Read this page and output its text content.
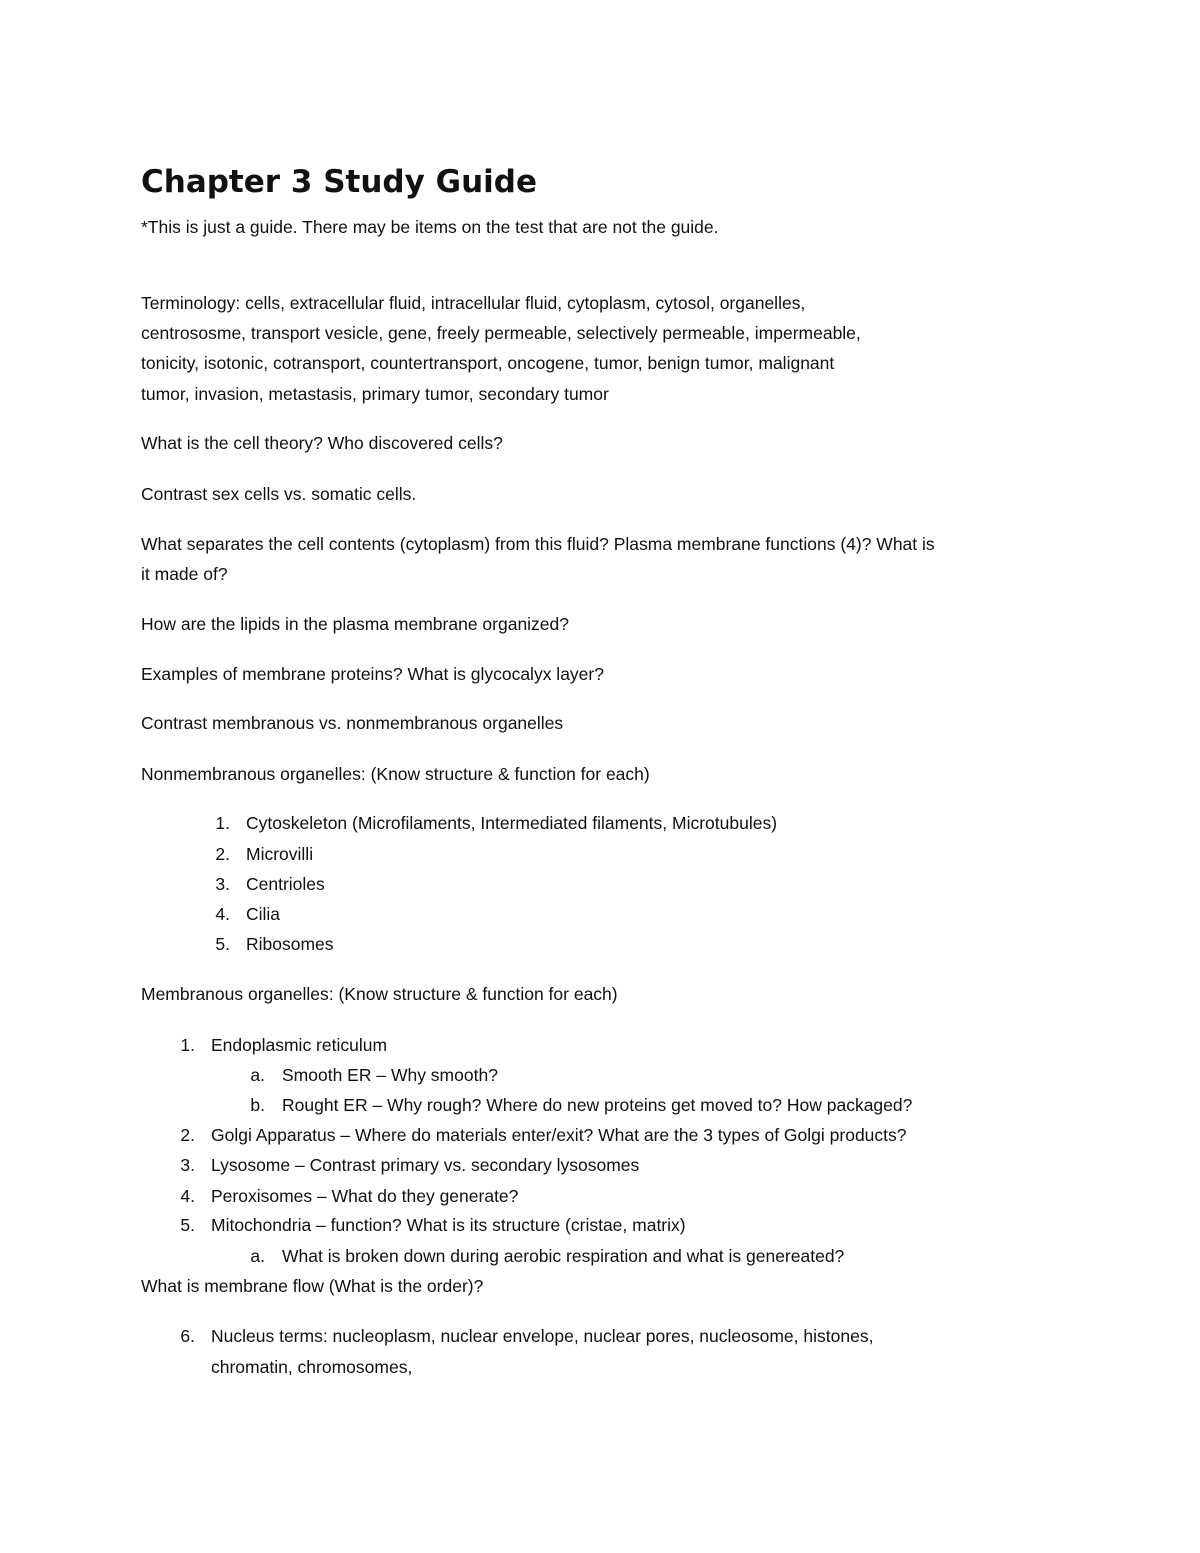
Chapter 3 Study Guide

*This is just a guide. There may be items on the test that are not the guide.

Terminology: cells, extracellular fluid, intracellular fluid, cytoplasm, cytosol, organelles,

centrososme, transport vesicle, gene, freely permeable, selectively permeable, impermeable,

tonicity, isotonic, cotransport, countertransport, oncogene, tumor, benign tumor, malignant

tumor, invasion, metastasis, primary tumor, secondary tumor

What is the cell theory? Who discovered cells?

Contrast sex cells vs. somatic cells.

What separates the cell contents (cytoplasm) from this fluid? Plasma membrane functions (4)? What is

it made of?

How are the lipids in the plasma membrane organized?

Examples of membrane proteins? What is glycocalyx layer?

Contrast membranous vs. nonmembranous organelles

Nonmembranous organelles: (Know structure & function for each)

1. Cytoskeleton (Microfilaments, Intermediated filaments, Microtubules)
2. Microvilli
3. Centrioles
4. Cilia
5. Ribosomes

Membranous organelles: (Know structure & function for each)

1. Endoplasmic reticulum
a. Smooth ER – Why smooth?
b. Rought ER – Why rough? Where do new proteins get moved to? How packaged?
2. Golgi Apparatus – Where do materials enter/exit? What are the 3 types of Golgi products?
3. Lysosome – Contrast primary vs. secondary lysosomes
4. Peroxisomes – What do they generate?
5. Mitochondria – function? What is its structure (cristae, matrix)
a. What is broken down during aerobic respiration and what is genereated?

What is membrane flow (What is the order)?

6. Nucleus terms: nucleoplasm, nuclear envelope, nuclear pores, nucleosome, histones,
chromatin, chromosomes,
